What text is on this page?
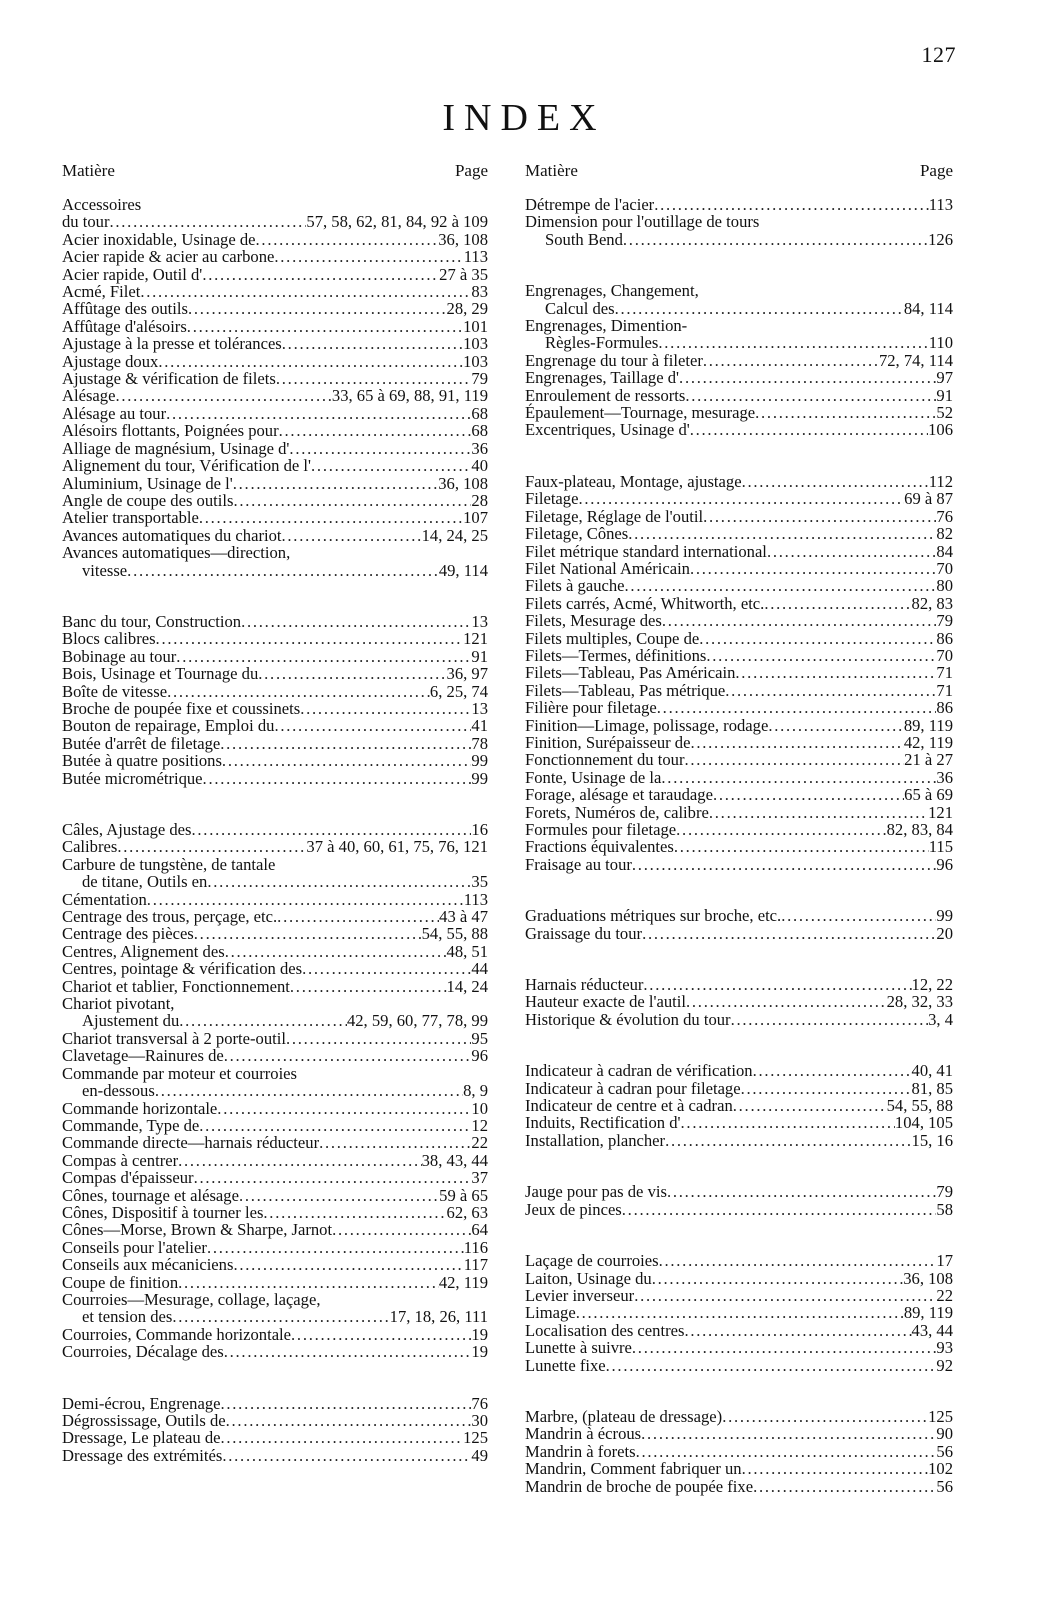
127
INDEX
Matière	Page
Accessoires
du tour . . .	57, 58, 62, 81, 84, 92 à 109
Acier inoxidable, Usinage de . . .	36, 108
Acier rapide & acier au carbone . . .	113
Acier rapide, Outil d' . . .	27 à 35
Acmé, Filet . . .	83
Affûtage des outils . . .	28, 29
Affûtage d'alésoirs . . .	101
Ajustage à la presse et tolérances . . .	103
Ajustage doux . . .	103
Ajustage & vérification de filets . . .	79
Alésage . . .	33, 65 à 69, 88, 91, 119
Alésage au tour . . .	68
Alésoirs flottants, Poignées pour . . .	68
Alliage de magnésium, Usinage d' . . .	36
Alignement du tour, Vérification de l' . . .	40
Aluminium, Usinage de l' . . .	36, 108
Angle de coupe des outils . . .	28
Atelier transportable . . .	107
Avances automatiques du chariot . . .	14, 24, 25
Avances automatiques—direction,
vitesse . . .	49, 114
Banc du tour, Construction . . .	13
Blocs calibres . . .	121
Bobinage au tour . . .	91
Bois, Usinage et Tournage du . . .	36, 97
Boîte de vitesse . . .	6, 25, 74
Broche de poupée fixe et coussinets . . .	13
Bouton de repairage, Emploi du . . .	41
Butée d'arrêt de filetage . . .	78
Butée à quatre positions . . .	99
Butée micrométrique . . .	99
Câles, Ajustage des . . .	16
Calibres . . .	37 à 40, 60, 61, 75, 76, 121
Carbure de tungstène, de tantale
de titane, Outils en . . .	35
Cémentation . . .	113
Centrage des trous, perçage, etc. . . .	43 à 47
Centrage des pièces . . .	54, 55, 88
Centres, Alignement des . . .	48, 51
Centres, pointage & vérification des . . .	44
Chariot et tablier, Fonctionnement . . .	14, 24
Chariot pivotant,
Ajustement du . . .	42, 59, 60, 77, 78, 99
Chariot transversal à 2 porte-outil . . .	95
Clavetage—Rainures de . . .	96
Commande par moteur et courroies
en-dessous . . .	8, 9
Commande horizontale . . .	10
Commande, Type de . . .	12
Commande directe—harnais réducteur . . .	22
Compas à centrer . . .	38, 43, 44
Compas d'épaisseur . . .	37
Cônes, tournage et alésage . . .	59 à 65
Cônes, Dispositif à tourner les . . .	62, 63
Cônes—Morse, Brown & Sharpe, Jarnot . . .	64
Conseils pour l'atelier . . .	116
Conseils aux mécaniciens . . .	117
Coupe de finition . . .	42, 119
Courroies—Mesurage, collage, laçage,
et tension des . . .	17, 18, 26, 111
Courroies, Commande horizontale . . .	19
Courroies, Décalage des . . .	19
Demi-écrou, Engrenage . . .	76
Dégrossissage, Outils de . . .	30
Dressage, Le plateau de . . .	125
Dressage des extrémités . . .	49
Matière	Page
Détrempe de l'acier . . .	113
Dimension pour l'outillage de tours
South Bend . . .	126
Engrenages, Changement,
Calcul des . . .	84, 114
Engrenages, Dimention-
Règles-Formules . . .	110
Engrenage du tour à fileter . . .	72, 74, 114
Engrenages, Taillage d' . . .	97
Enroulement de ressorts . . .	91
Épaulement—Tournage, mesurage . . .	52
Excentriques, Usinage d' . . .	106
Faux-plateau, Montage, ajustage . . .	112
Filetage . . .	69 à 87
Filetage, Réglage de l'outil . . .	76
Filetage, Cônes . . .	82
Filet métrique standard international . . .	84
Filet National Américain . . .	70
Filets à gauche . . .	80
Filets carrés, Acmé, Whitworth, etc. . . .	82, 83
Filets, Mesurage des . . .	79
Filets multiples, Coupe de . . .	86
Filets—Termes, définitions . . .	70
Filets—Tableau, Pas Américain . . .	71
Filets—Tableau, Pas métrique . . .	71
Filière pour filetage . . .	86
Finition—Limage, polissage, rodage . . .	89, 119
Finition, Surépaisseur de . . .	42, 119
Fonctionnement du tour . . .	21 à 27
Fonte, Usinage de la . . .	36
Forage, alésage et taraudage . . .	65 à 69
Forets, Numéros de, calibre . . .	121
Formules pour filetage . . .	82, 83, 84
Fractions équivalentes . . .	115
Fraisage au tour . . .	96
Graduations métriques sur broche, etc. . . .	99
Graissage du tour . . .	20
Harnais réducteur . . .	12, 22
Hauteur exacte de l'autil . . .	28, 32, 33
Historique & évolution du tour . . .	3, 4
Indicateur à cadran de vérification . . .	40, 41
Indicateur à cadran pour filetage . . .	81, 85
Indicateur de centre et à cadran . . .	54, 55, 88
Induits, Rectification d' . . .	104, 105
Installation, plancher . . .	15, 16
Jauge pour pas de vis . . .	79
Jeux de pinces . . .	58
Laçage de courroies . . .	17
Laiton, Usinage du . . .	36, 108
Levier inverseur . . .	22
Limage . . .	89, 119
Localisation des centres . . .	43, 44
Lunette à suivre . . .	93
Lunette fixe . . .	92
Marbre, (plateau de dressage) . . .	125
Mandrin à écrous . . .	90
Mandrin à forets . . .	56
Mandrin, Comment fabriquer un . . .	102
Mandrin de broche de poupée fixe . . .	56
